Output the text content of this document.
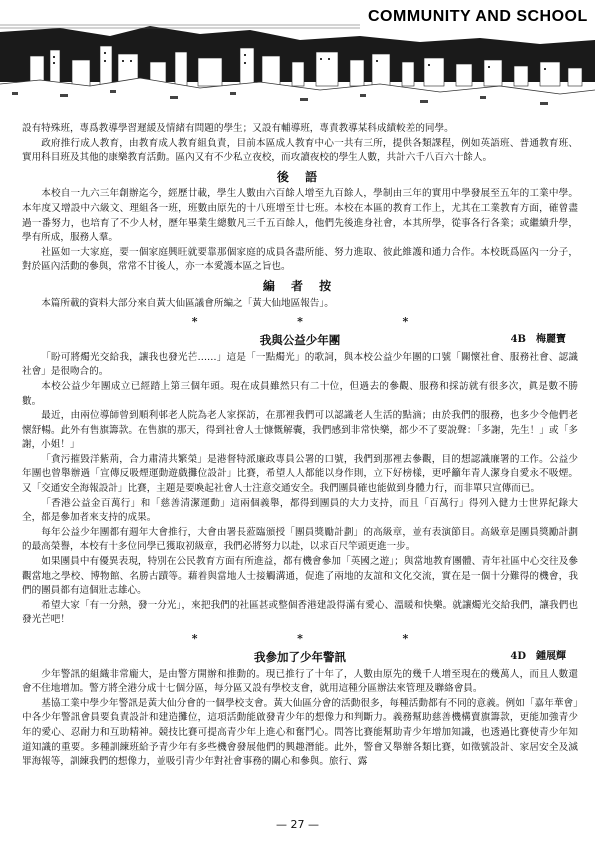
COMMUNITY AND SCHOOL

設有特殊班，專爲教導學習遲緩及情緒有問題的學生；又設有輔導班，專責教導某科成績較差的同學。

政府推行成人教育，由教育成人教育組負責，目前本區成人教育中心一共有三所，提供各類課程，例如英語班、普通教育班、實用科目班及其他的康樂教育活動。區內又有不少私立夜校，而攻讀夜校的學生人數，共計六千八百六十餘人。

後 語

本校自一九六三年創辦迄今，經歷廿載，學生人數由六百餘人增至九百餘人，學制由三年的實用中學發展至五年的工業中學。本年度又增設中六級文、理組各一班，班數由原先的十八班增至廿七班。本校在本區的教育工作上，尤其在工業教育方面，確曾盡過一番努力，也培育了不少人材，歷年畢業生總數凡三千五百餘人，他們先後進身社會，本其所學，從事各行各業；或繼續升學，學有所成，服務人羣。

社區如一大家庭，要一個家庭興旺就要靠那個家庭的成員各盡所能、努力進取、彼此維護和通力合作。本校既爲區內一分子，對於區內活動的參與，常常不甘後人，亦一本愛護本區之旨也。

編 者 按

本篇所載的資料大部分來自黃大仙區議會所編之「黃大仙地區報告」。

*	*	*
我與公益少年團	4B　梅麗寶

「盼可將燭光交給我，讓我也發光芒……」這是「一點燭光」的歌詞，與本校公益少年團的口號「關懷社會、服務社會、認識社會」是很吻合的。

本校公益少年團成立已經踏上第三個年頭。現在成員雖然只有二十位，但過去的參觀、服務和採訪就有很多次，眞是數不勝數。

最近，由兩位導師曾到順利邨老人院為老人家探訪，在那裡我們可以認識老人生活的點滴；由於我們的服務，也多少令他們老懷舒暢。此外有售旗籌款。在售旗的那天，得到社會人士慷慨解囊，我們感到非常快樂，都少不了要說聲：「多謝，先生！」或「多謝，小姐！」

「貪污摧毀洋紫荊，合力肅清共繁榮」是港督特派廉政專員公署的口號，我們到那裡去參觀，目的想認識廉署的工作。公益少年團也曾舉辦過「宣傳反吸煙運動遊戲攤位設計」比賽，希望人人都能以身作則，立下好榜樣，更呼籲年青人潔身自愛永不吸煙。又「交通安全海報設計」比賽，主題是要喚起社會人士注意交通安全。我們團員確也能做到身體力行，而非單只宣傳而已。

「香港公益金百萬行」和「慈善清潔運動」這兩個義舉，都得到團員的大力支持，而且「百萬行」得列入健力士世界紀錄大全，都是參加者來支持的成果。

每年公益少年團都有週年大會推行，大會由署長蒞臨頒授「團員獎勵計劃」的高級章，並有表演節目。高級章是團員獎勵計劃的最高榮譽，本校有十多位同學已獲取初級章，我們必將努力以赴，以求百尺竿頭更進一步。

如果團員中有優異表現，特別在公民教育方面有所進益，都有機會參加「英國之遊」；與當地教育團體、青年社區中心交往及參觀當地之學校、博物館、名勝古蹟等。藉着與當地人士接觸溝通，促進了兩地的友誼和文化交流，實在是一個十分難得的機會，我們的團員都有這個壯志雄心。

希望大家「有一分熱，發一分光」，來把我們的社區甚或整個香港建設得滿有愛心、溫暖和快樂。就讓燭光交給我們，讓我們也發光芒吧！

*	*	*
我參加了少年警訊	4D　鍾展輝

少年警訊的組織非常龐大，是由警方開辦和推動的。現已推行了十年了，人數由原先的幾千人增至現在的幾萬人，而且人數還會不住地增加。警方將全港分成十七個分區，每分區又設有學校支會，就用這種分區辦法來管理及聯絡會員。

基協工業中學少年警訊是黃大仙分會的一個學校支會。黃大仙區分會的活動很多，每種活動都有不同的意義。例如「嘉年華會」中各少年警訊會員要負責設計和建造攤位，這項活動能啟發青少年的想像力和判斷力。義務幫助慈善機構賣旗籌款，更能加強青少年的愛心、忍耐力和互助精神。競技比賽可提高青少年上進心和奮鬥心。問答比賽能幫助青少年增加知識，也透過比賽使青少年知道知識的重要。多種訓練班給予青少年有多些機會發展他們的興趣潛能。此外，警會又舉辦各類比賽，如徵號設計、家居安全及滅罪海報等，訓練我們的想像力，並吸引青少年對社會事務的關心和參與。旅行、露

— 27 —
